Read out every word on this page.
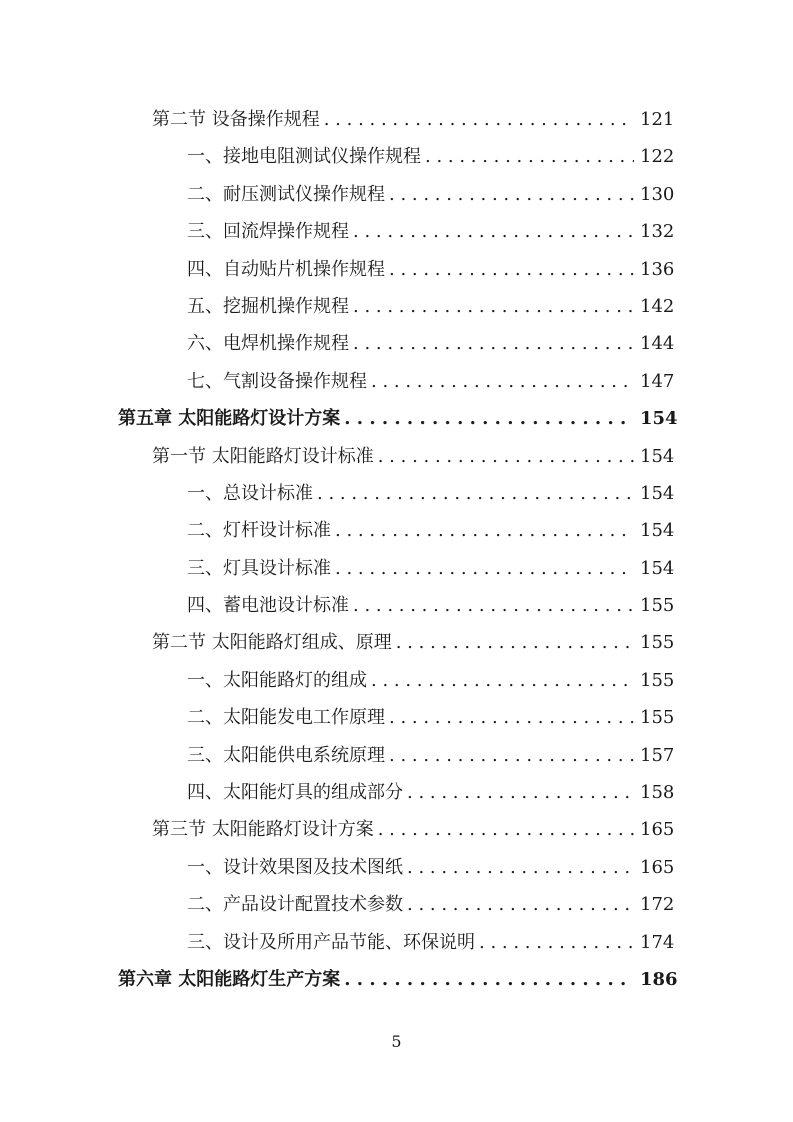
第二节 设备操作规程 . . .	121
一、接地电阻测试仪操作规程 . . .	122
二、耐压测试仪操作规程 . . .	130
三、回流焊操作规程 . . .	132
四、自动贴片机操作规程 . . .	136
五、挖掘机操作规程 . . .	142
六、电焊机操作规程 . . .	144
七、气割设备操作规程 . . .	147
第五章 太阳能路灯设计方案 . . .	154
第一节 太阳能路灯设计标准 . . .	154
一、总设计标准 . . .	154
二、灯杆设计标准 . . .	154
三、灯具设计标准 . . .	154
四、蓄电池设计标准 . . .	155
第二节 太阳能路灯组成、原理 . . .	155
一、太阳能路灯的组成 . . .	155
二、太阳能发电工作原理 . . .	155
三、太阳能供电系统原理 . . .	157
四、太阳能灯具的组成部分 . . .	158
第三节 太阳能路灯设计方案 . . .	165
一、设计效果图及技术图纸 . . .	165
二、产品设计配置技术参数 . . .	172
三、设计及所用产品节能、环保说明 . . .	174
第六章 太阳能路灯生产方案 . . .	186
5
